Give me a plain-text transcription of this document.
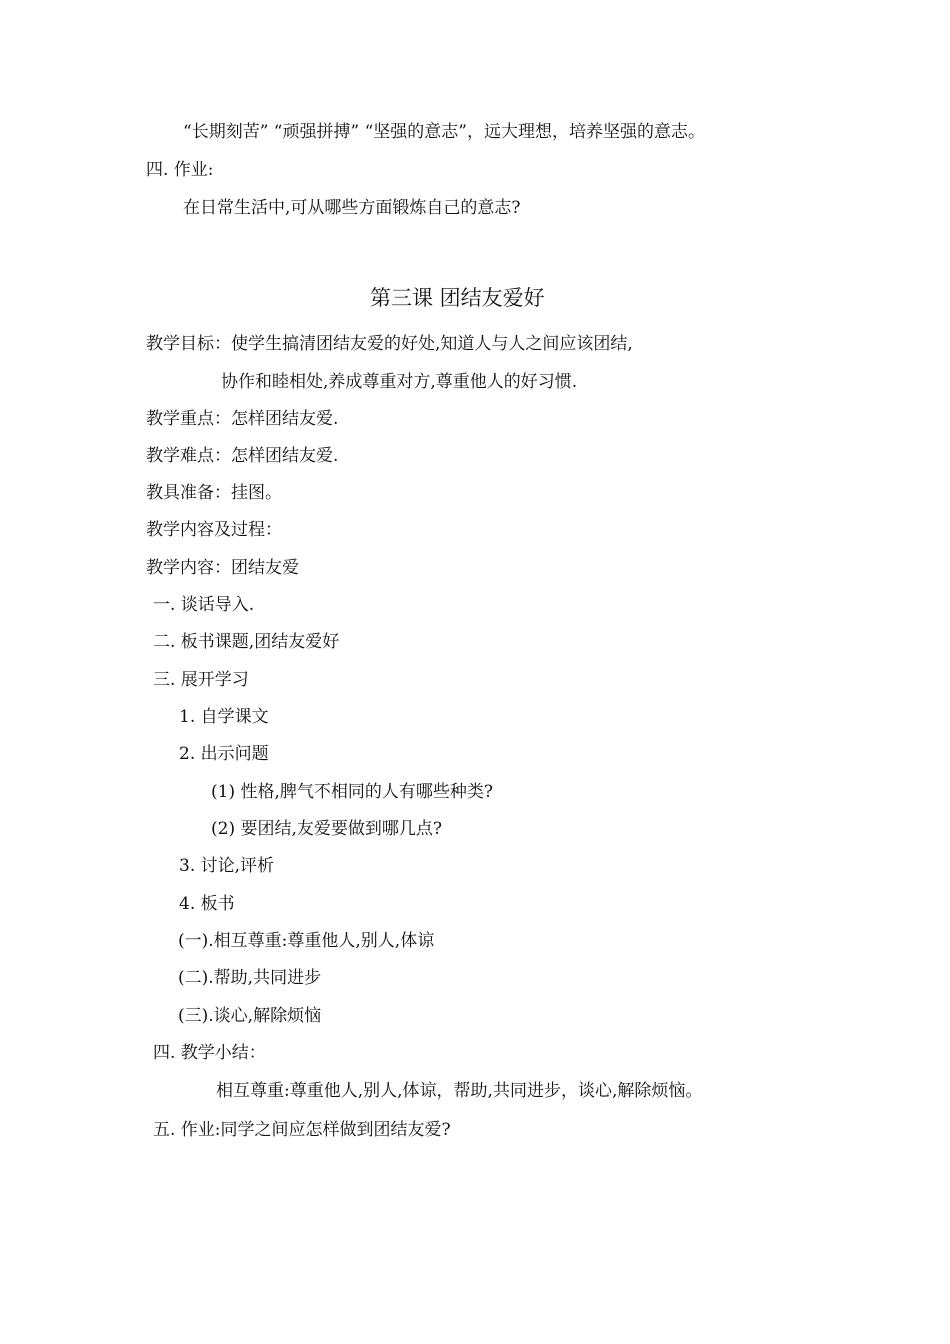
“长期刻苦” “顽强拼搏” “坚强的意志”，远大理想，培养坚强的意志。
四. 作业:
在日常生活中,可从哪些方面锻炼自己的意志?
第三课 团结友爱好
教学目标：使学生搞清团结友爱的好处,知道人与人之间应该团结,
协作和睦相处,养成尊重对方,尊重他人的好习惯.
教学重点：怎样团结友爱.
教学难点：怎样团结友爱.
教具准备：挂图。
教学内容及过程：
教学内容：团结友爱
一. 谈话导入.
二. 板书课题,团结友爱好
三. 展开学习
1. 自学课文
2. 出示问题
(1) 性格,脾气不相同的人有哪些种类?
(2) 要团结,友爱要做到哪几点?
3. 讨论,评析
4. 板书
(一).相互尊重:尊重他人,别人,体谅
(二).帮助,共同进步
(三).谈心,解除烦恼
四. 教学小结：
相互尊重:尊重他人,别人,体谅，帮助,共同进步，谈心,解除烦恼。
五. 作业:同学之间应怎样做到团结友爱?
